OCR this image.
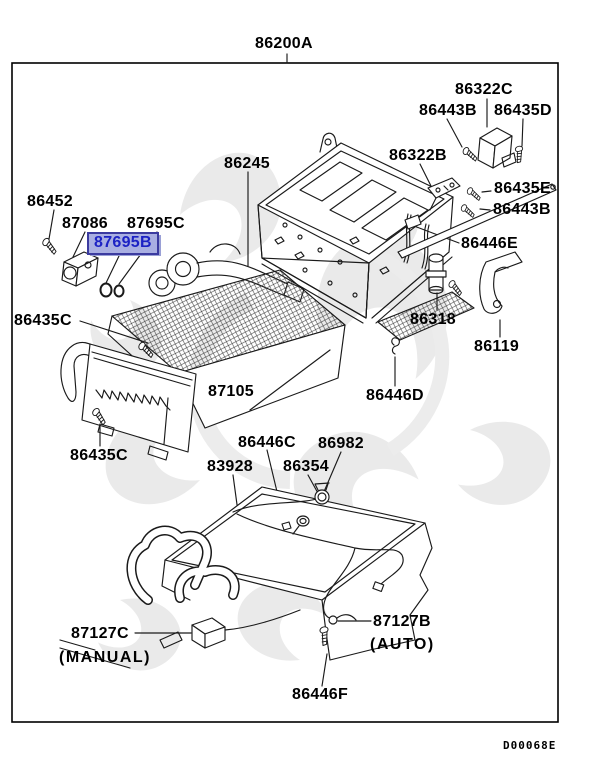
86200A
86322C
86443B 86435D
86322B
86435E
86443B
86446E
86245
86452
87086 87695C
87695B
86435C
87105
86318
86119
86446D
86446C
83928 86354
86982
86435C
87127C
(MANUAL)
87127B
(AUTO)
86446F
D00068E
